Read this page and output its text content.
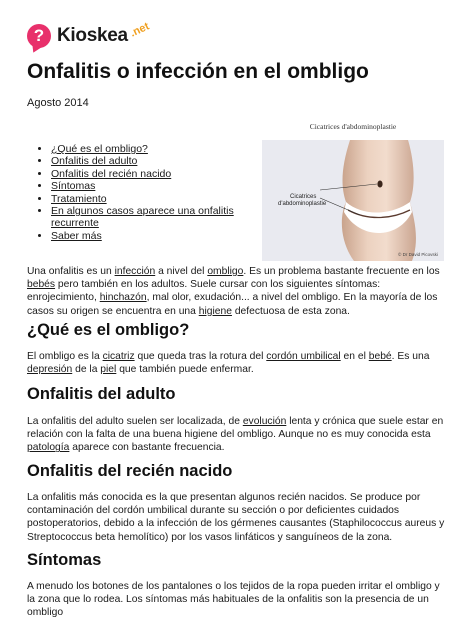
? Kioskea .net
Onfalitis o infección en el ombligo
Agosto 2014
• ¿Qué es el ombligo?
• Onfalitis del adulto
• Onfalitis del recién nacido
• Síntomas
• Tratamiento
• En algunos casos aparece una onfalitis recurrente
• Saber más
Cicatrices d'abdominoplastie
Cicatrices
d'abdominoplastie
© Dr David Picovski

Una onfalitis es un infección a nivel del ombligo. Es un problema bastante frecuente en los bebés pero también en los adultos. Suele cursar con los siguientes síntomas: enrojecimiento, hinchazón, mal olor, exudación... a nivel del ombligo. En la mayoría de los casos su origen se encuentra en una higiene defectuosa de esta zona.

¿Qué es el ombligo?

El ombligo es la cicatriz que queda tras la rotura del cordón umbilical en el bebé. Es una depresión de la piel que también puede enfermar.

Onfalitis del adulto

La onfalitis del adulto suelen ser localizada, de evolución lenta y crónica que suele estar en relación con la falta de una buena higiene del ombligo. Aunque no es muy conocida esta patología aparece con bastante frecuencia.

Onfalitis del recién nacido

La onfalitis más conocida es la que presentan algunos recién nacidos. Se produce por contaminación del cordón umbilical durante su sección o por deficientes cuidados postoperatorios, debido a la infección de los gérmenes causantes (Staphilococcus aureus y Streptococcus beta hemolítico) por los vasos linfáticos y sanguíneos de la zona.

Síntomas

A menudo los botones de los pantalones o los tejidos de la ropa pueden irritar el ombligo y la zona que lo rodea. Los síntomas más habituales de la onfalitis son la presencia de un ombligo
